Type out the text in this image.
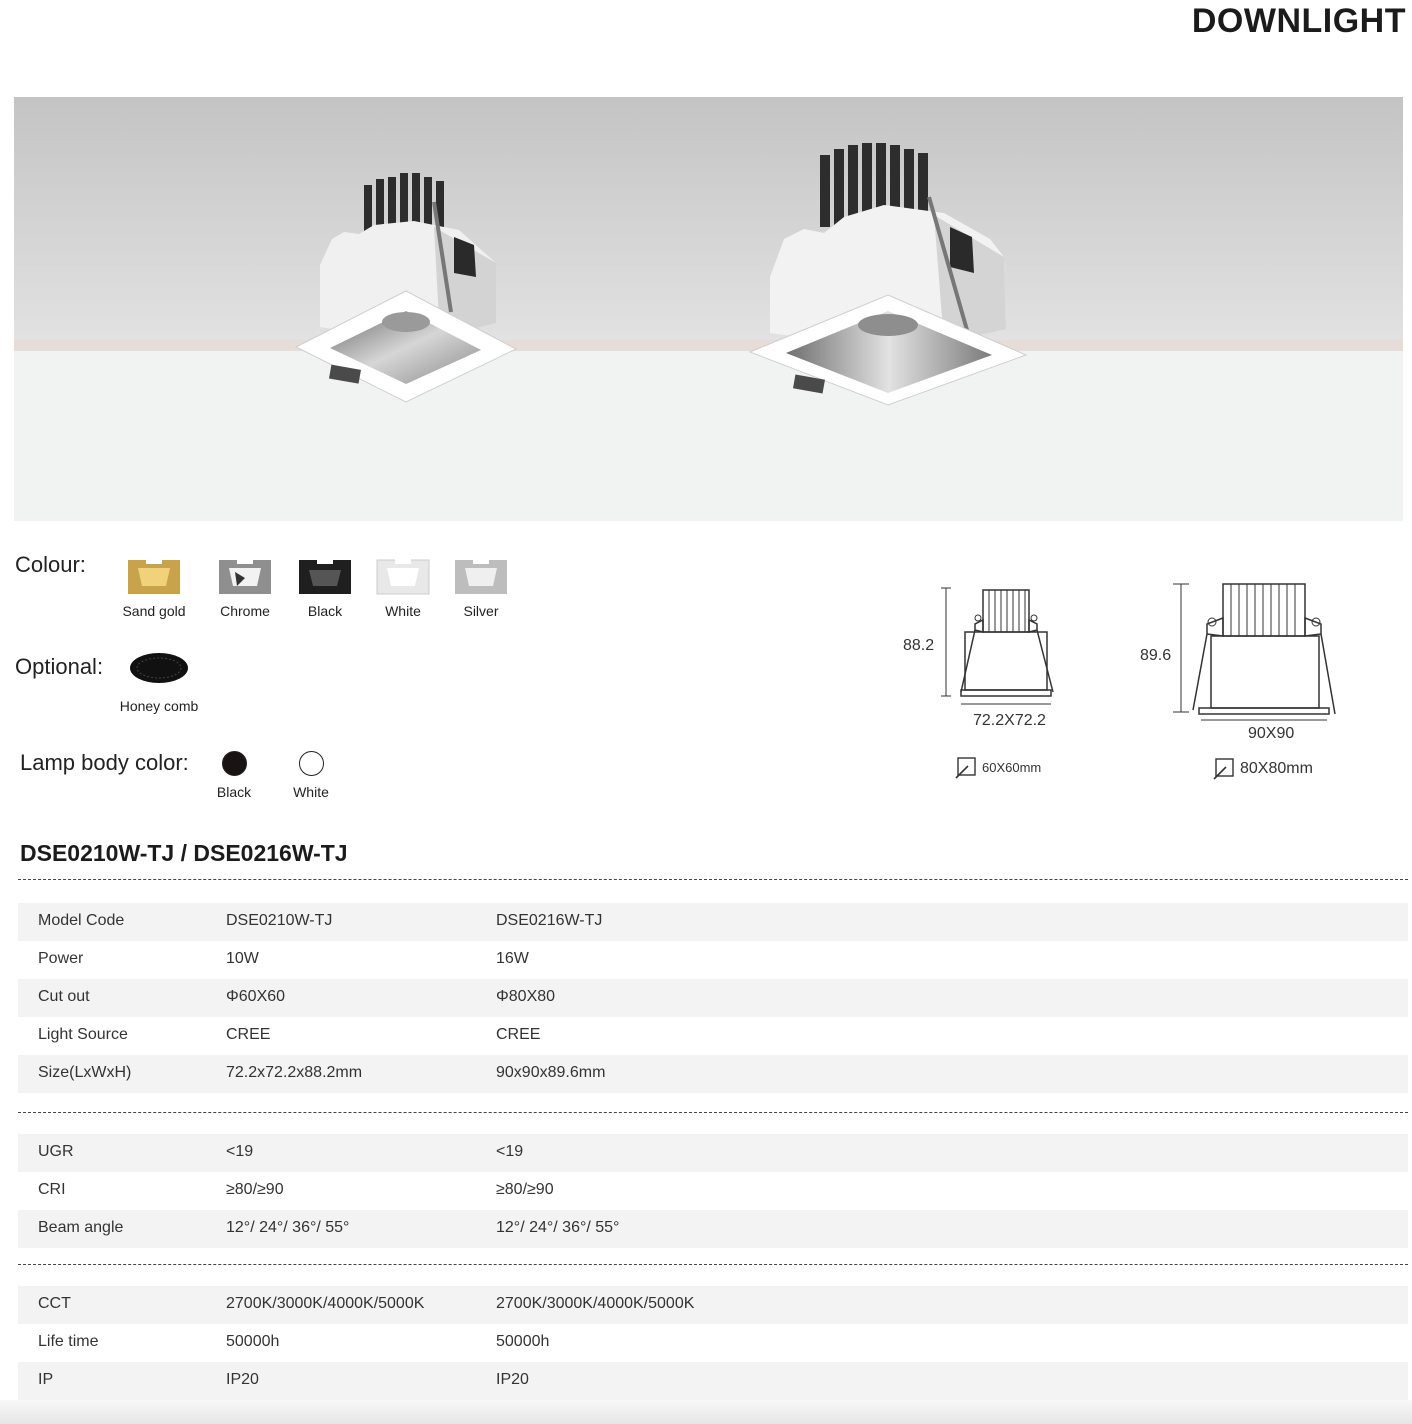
DOWNLIGHT
Colour:
Sand gold	Chrome	Black	White	Silver
Optional:
Honey comb
Lamp body color:
Black	White
88.2
72.2X72.2
60X60mm
89.6
90X90
80X80mm
DSE0210W-TJ / DSE0216W-TJ
Model Code	DSE0210W-TJ	DSE0216W-TJ
Power	10W	16W
Cut out	Φ60X60	Φ80X80
Light Source	CREE	CREE
Size(LxWxH)	72.2x72.2x88.2mm	90x90x89.6mm
UGR	<19	<19
CRI	≥80/≥90	≥80/≥90
Beam angle	12°/ 24°/ 36°/ 55°	12°/ 24°/ 36°/ 55°
CCT	2700K/3000K/4000K/5000K	2700K/3000K/4000K/5000K
Life time	50000h	50000h
IP	IP20	IP20
